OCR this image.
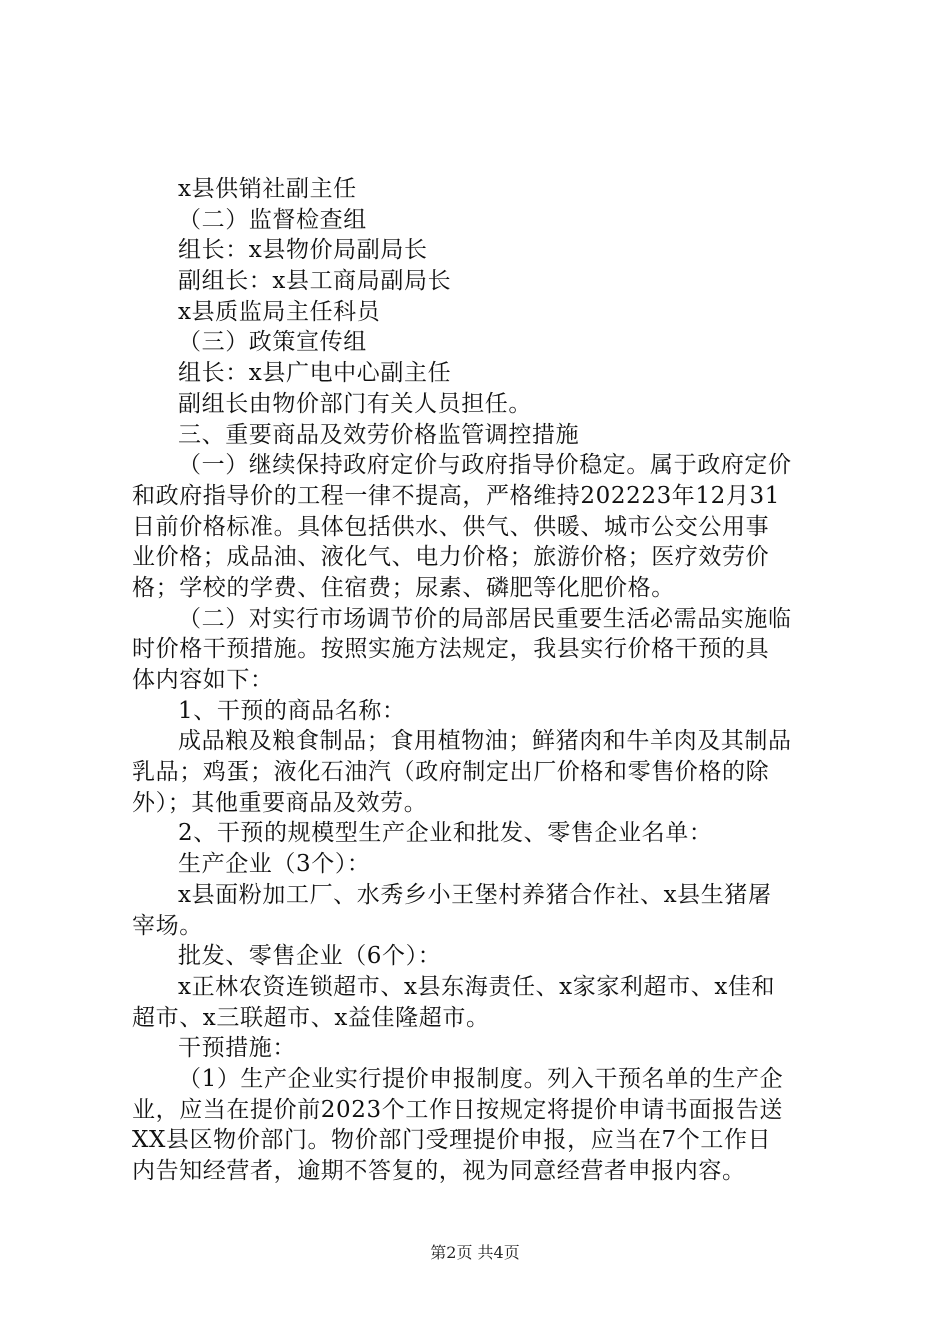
x县供销社副主任
（二）监督检查组
组长：x县物价局副局长
副组长：x县工商局副局长
x县质监局主任科员
（三）政策宣传组
组长：x县广电中心副主任
副组长由物价部门有关人员担任。
三、重要商品及效劳价格监管调控措施
（一）继续保持政府定价与政府指导价稳定。属于政府定价
和政府指导价的工程一律不提高，严格维持202223年12月31
日前价格标准。具体包括供水、供气、供暖、城市公交公用事
业价格；成品油、液化气、电力价格；旅游价格；医疗效劳价
格；学校的学费、住宿费；尿素、磷肥等化肥价格。
（二）对实行市场调节价的局部居民重要生活必需品实施临
时价格干预措施。按照实施方法规定，我县实行价格干预的具
体内容如下：
1、干预的商品名称：
成品粮及粮食制品；食用植物油；鲜猪肉和牛羊肉及其制品
乳品；鸡蛋；液化石油汽（政府制定出厂价格和零售价格的除
外）；其他重要商品及效劳。
2、干预的规模型生产企业和批发、零售企业名单：
生产企业（3个）：
x县面粉加工厂、水秀乡小王堡村养猪合作社、x县生猪屠
宰场。
批发、零售企业（6个）：
x正林农资连锁超市、x县东海责任、x家家利超市、x佳和
超市、x三联超市、x益佳隆超市。
干预措施：
（1）生产企业实行提价申报制度。列入干预名单的生产企
业，应当在提价前2023个工作日按规定将提价申请书面报告送
XX县区物价部门。物价部门受理提价申报，应当在7个工作日
内告知经营者，逾期不答复的，视为同意经营者申报内容。
第2页 共4页
